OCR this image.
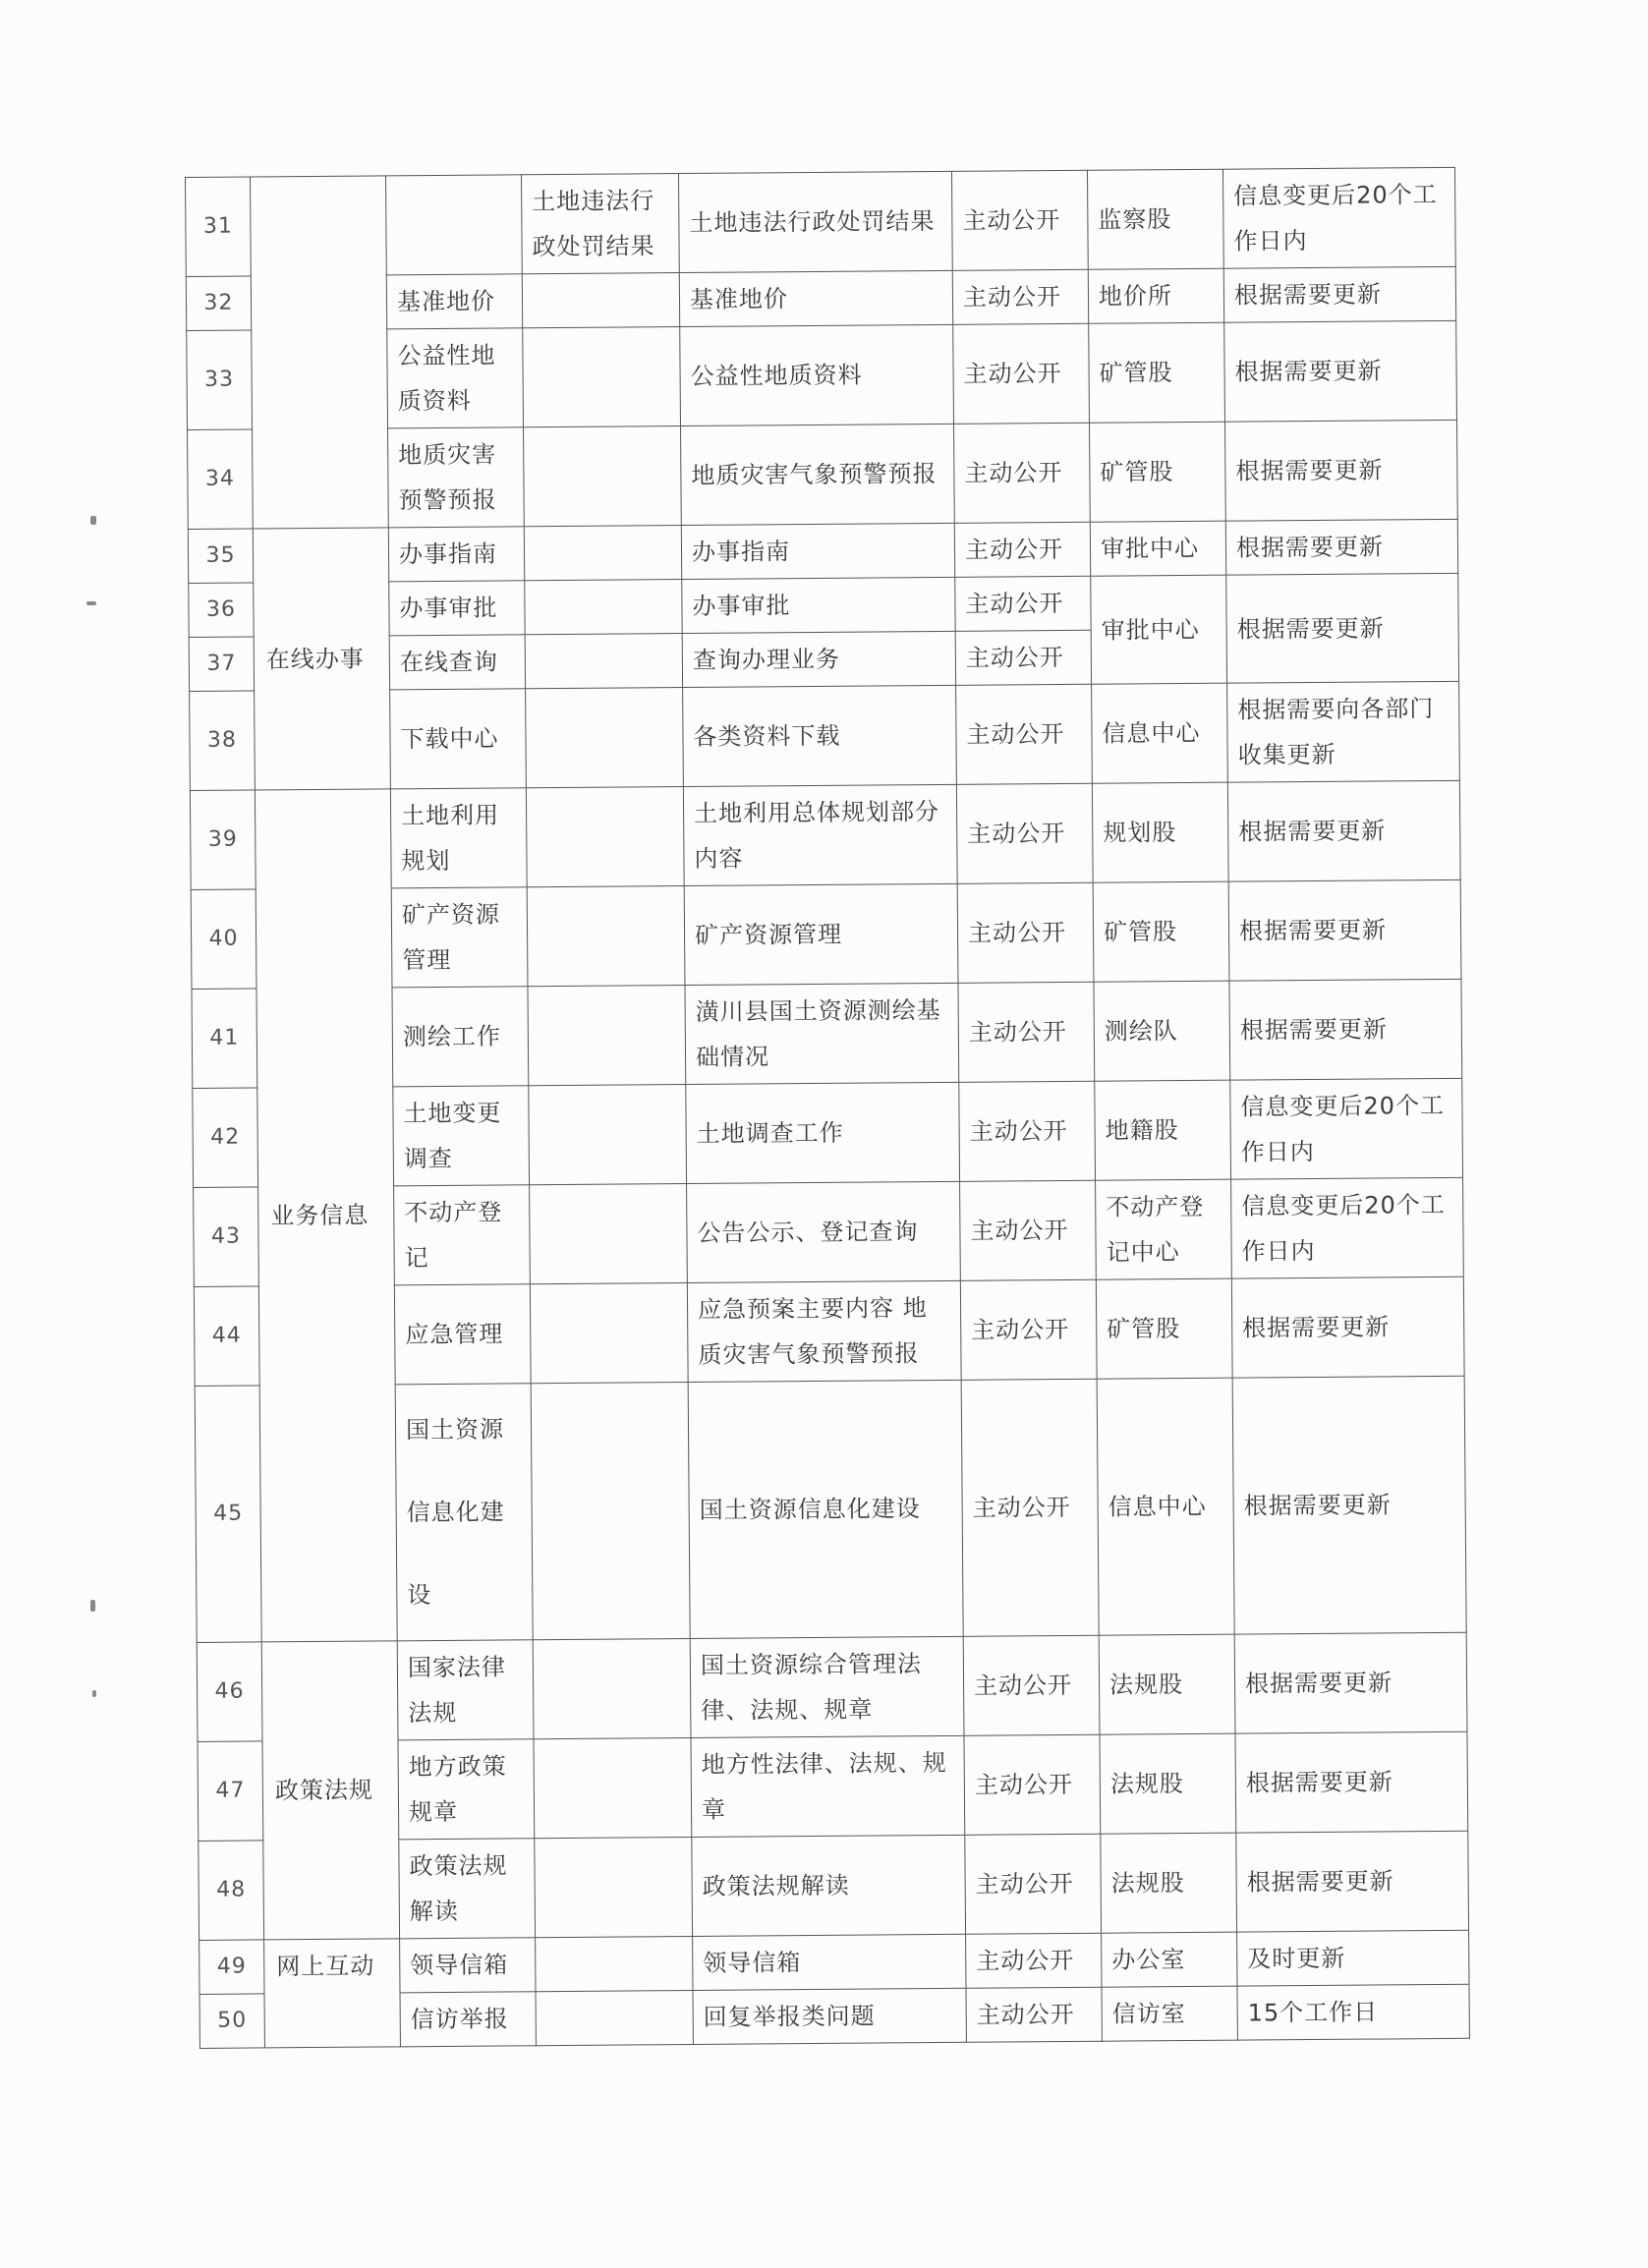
31			土地违法行政处罚结果	土地违法行政处罚结果	主动公开	监察股	信息变更后20个工作日内
32		基准地价		基准地价	主动公开	地价所	根据需要更新
33		公益性地质资料		公益性地质资料	主动公开	矿管股	根据需要更新
34		地质灾害预警预报		地质灾害气象预警预报	主动公开	矿管股	根据需要更新
35	在线办事	办事指南		办事指南	主动公开	审批中心	根据需要更新
36		办事审批		办事审批	主动公开	审批中心	根据需要更新
37		在线查询		查询办理业务	主动公开		
38		下载中心		各类资料下载	主动公开	信息中心	根据需要向各部门收集更新
39	业务信息	土地利用规划		土地利用总体规划部分内容	主动公开	规划股	根据需要更新
40		矿产资源管理		矿产资源管理	主动公开	矿管股	根据需要更新
41		测绘工作		潢川县国土资源测绘基础情况	主动公开	测绘队	根据需要更新
42		土地变更调查		土地调查工作	主动公开	地籍股	信息变更后20个工作日内
43		不动产登记		公告公示、登记查询	主动公开	不动产登记中心	信息变更后20个工作日内
44		应急管理		应急预案主要内容 地质灾害气象预警预报	主动公开	矿管股	根据需要更新
45		国土资源信息化建设		国土资源信息化建设	主动公开	信息中心	根据需要更新
46	政策法规	国家法律法规		国土资源综合管理法律、法规、规章	主动公开	法规股	根据需要更新
47		地方政策规章		地方性法律、法规、规章	主动公开	法规股	根据需要更新
48		政策法规解读		政策法规解读	主动公开	法规股	根据需要更新
49	网上互动	领导信箱		领导信箱	主动公开	办公室	及时更新
50		信访举报		回复举报类问题	主动公开	信访室	15个工作日
